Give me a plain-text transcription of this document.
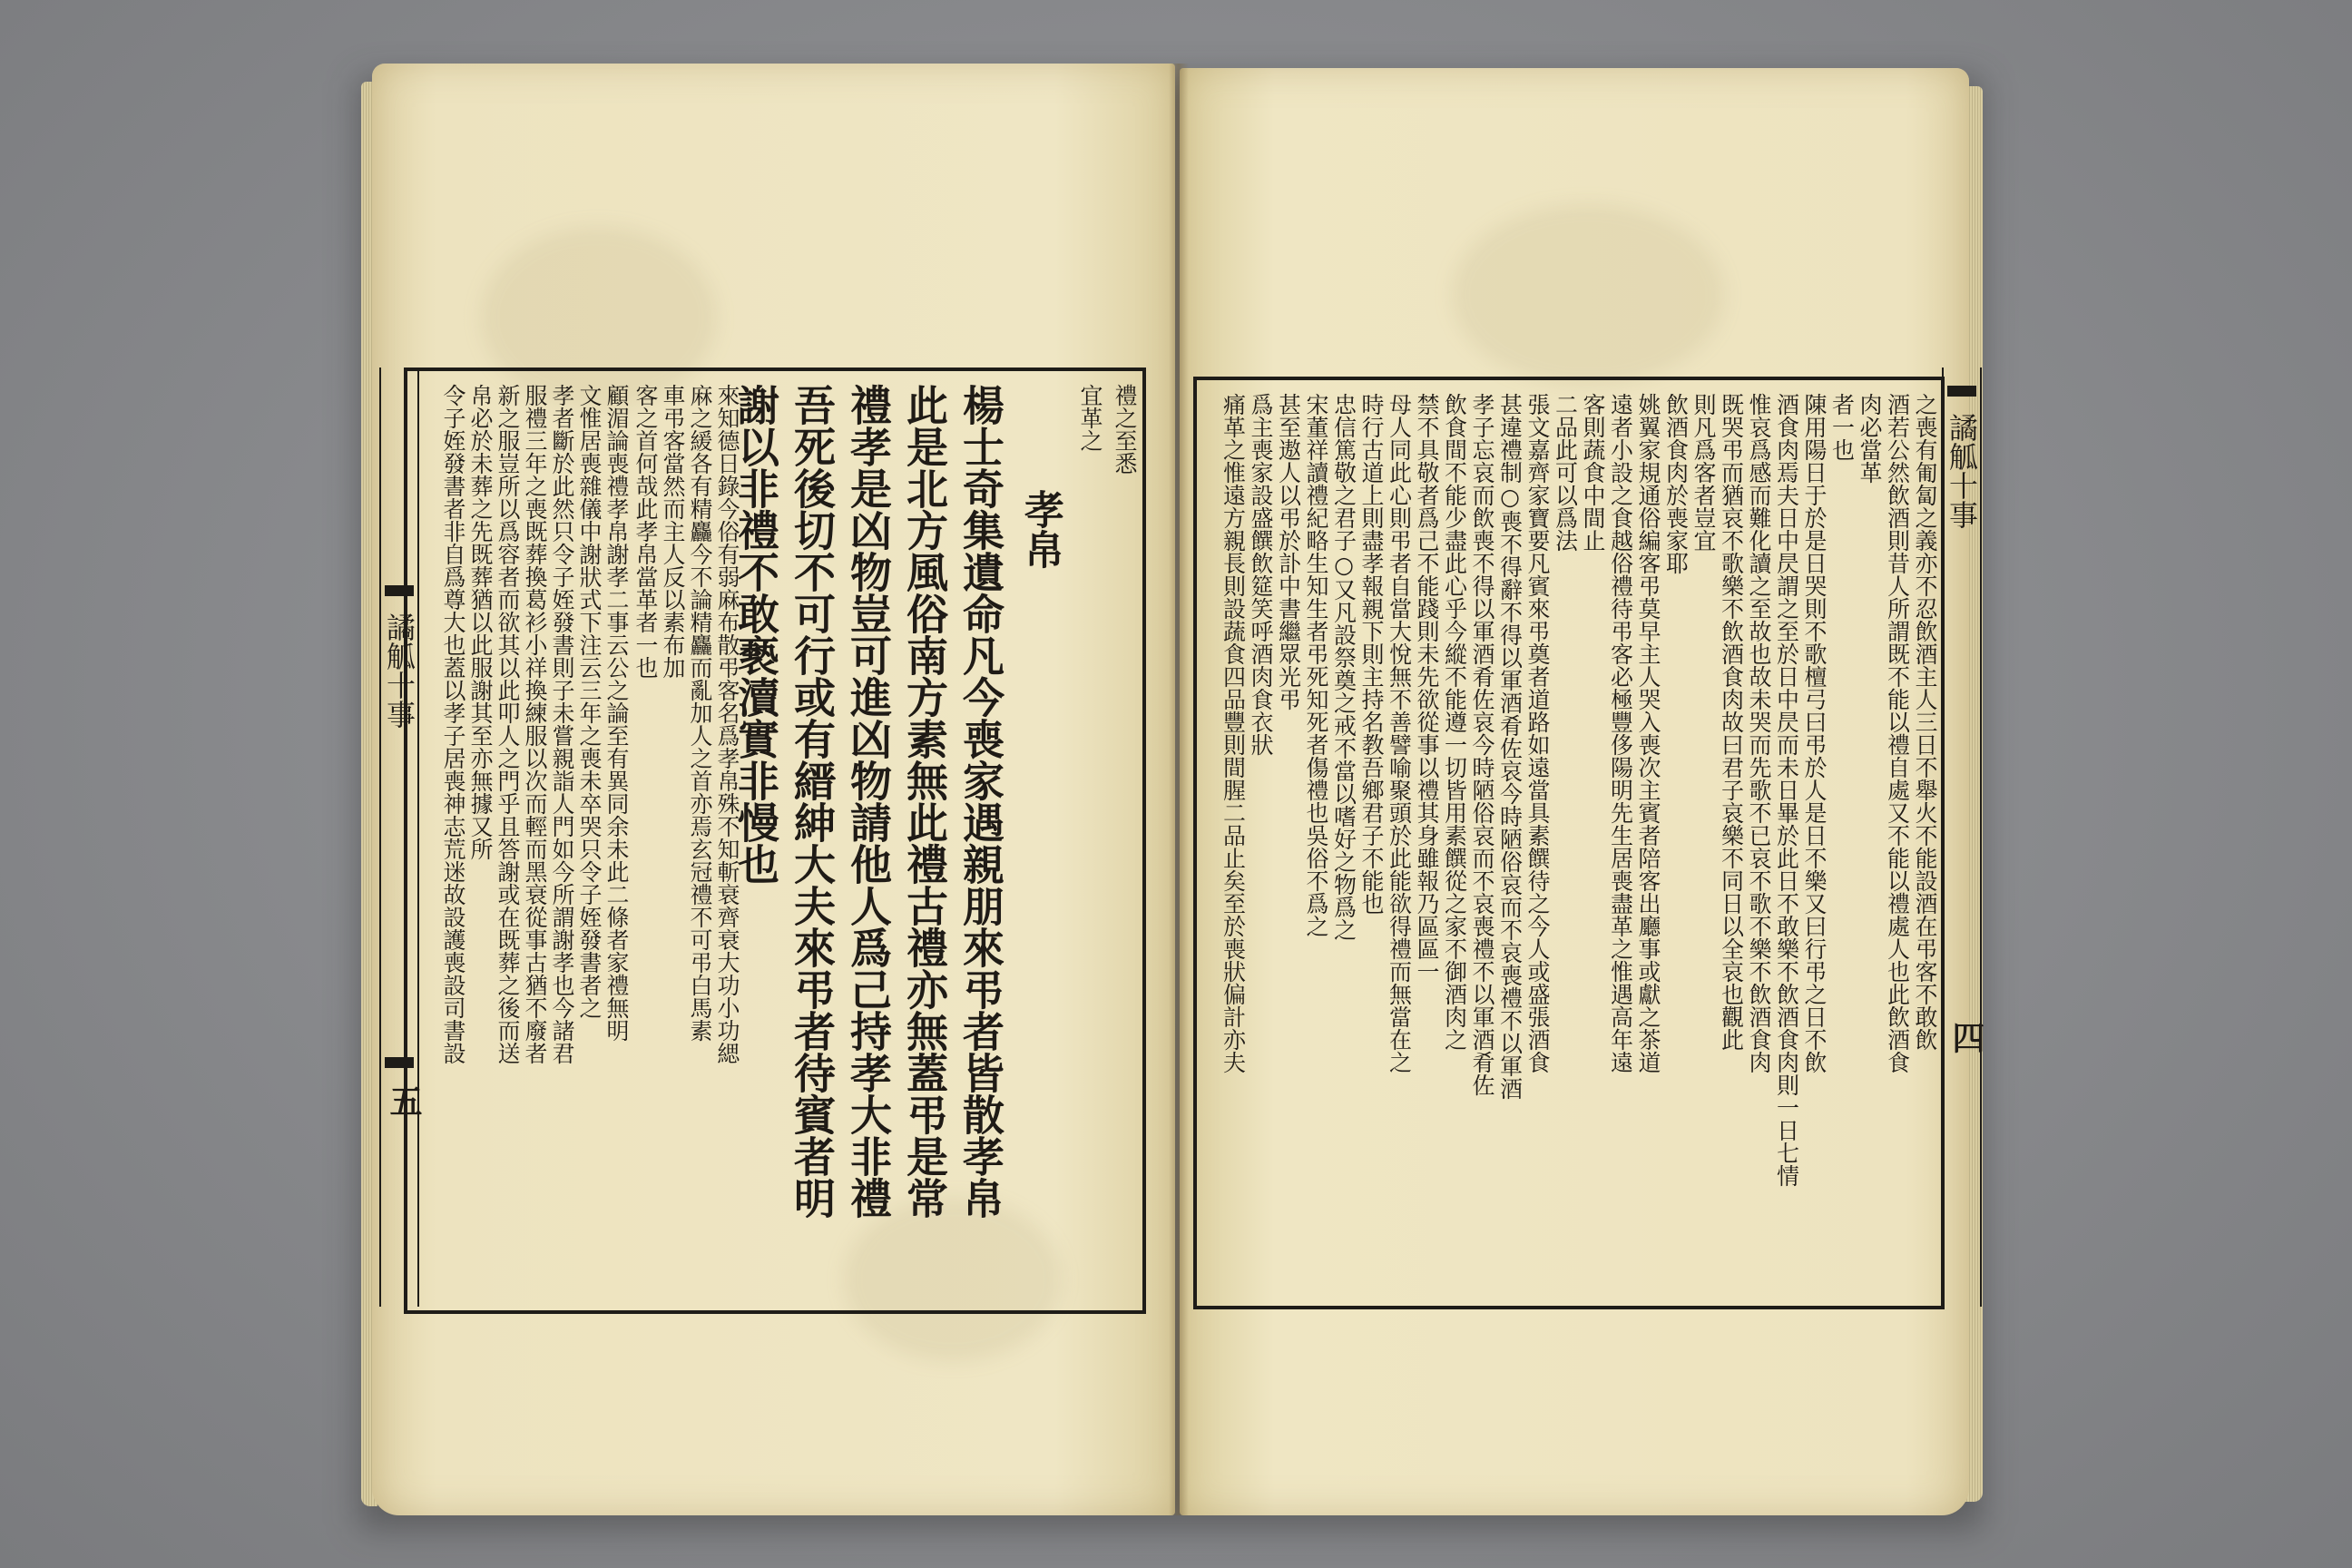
禮之至悉
宜革之
孝帛
楊士奇集遺命凡今喪家遇親朋來弔者皆散孝帛
此是北方風俗南方素無此禮古禮亦無蓋弔是常
禮孝是凶物豈可進凶物請他人爲己持孝大非禮
吾死後切不可行或有縉紳大夫來弔者待賓者明
謝以非禮不敢褻瀆實非慢也
來知德日錄今俗有弱麻布散弔客名爲孝帛殊不知斬衰齊衰大功小功緦
麻之緩各有精麤今不論精麤而亂加人之首亦焉玄冠禮不可弔白馬素
車弔客當然而主人反以素布加
客之首何哉此孝帛當革者一也
顧湄論喪禮孝帛謝孝二事云公之論至有異同余未此二條者家禮無明
文惟居喪雜儀中謝狀式下注云三年之喪未卒哭只令子姪發書者之
孝者斷於此然只令子姪發書則子未嘗親詣人門如今所謂謝孝也今諸君
服禮三年之喪既葬換葛衫小祥換練服以次而輕而黑衰從事古猶不廢者
新之服豈所以爲容者而欲其以此叩人之門乎且答謝或在既葬之後而送
帛必於未葬之先既葬猶以此服謝其至亦無據又所
令子姪發書者非自爲尊大也蓋以孝子居喪神志荒迷故設護喪設司書設
譎觚十事
五
之喪有匍匐之義亦不忍飲酒主人三日不舉火不能設酒在弔客不敢飲
酒若公然飲酒則昔人所謂既不能以禮自處又不能以禮處人也此飲酒食
肉必當革
者一也
陳用陽日于於是日哭則不歌檀弓曰弔於人是日不樂又曰行弔之日不飲
酒食肉焉夫日中昃謂之至於日中昃而未日畢於此日不敢樂不飲酒食肉則一日七情
惟哀爲感而難化讀之至故也故未哭而先歌不已哀不歌不樂不飲酒食肉
既哭弔而猶哀不歌樂不飲酒食肉故曰君子哀樂不同日以全哀也觀此
則凡爲客者豈宜
飲酒食肉於喪家耶
姚翼家規通俗編客弔莫早主人哭入喪次主賓者陪客出廳事或獻之茶道
遠者小設之食越俗禮待弔客必極豐侈陽明先生居喪盡革之惟遇高年遠
客則蔬食中間止
二品此可以爲法
張文嘉齊家寶要凡賓來弔奠者道路如遠當具素饌待之今人或盛張酒食
甚違禮制○喪不得辭不得以軍酒肴佐哀今時陋俗哀而不哀喪禮不以軍酒
孝子忘哀而飲喪不得以軍酒肴佐哀今時陋俗哀而不哀喪禮不以軍酒肴佐
飲食間不能少盡此心乎今縱不能遵一切皆用素饌從之家不御酒肉之
禁不具敬者爲己不能踐則未先欲從事以禮其身雖報乃區區一
母人同此心則弔者自當大悅無不善譬喻聚頭於此能欲得禮而無當在之
時行古道上則盡孝報親下則主持名教吾鄉君子不能也
忠信篤敬之君子○又凡設祭奠之戒不當以嗜好之物爲之
宋董祥讀禮紀略生知生者弔死知死者傷禮也吳俗不爲之
甚至遨人以弔於訃中書繼眾光弔
爲主喪家設盛饌飲筵笑呼酒肉食衣狀
痛革之惟遠方親長則設蔬食四品豐則間腥二品止矣至於喪狀偏計亦夫	譎觚十事
四
